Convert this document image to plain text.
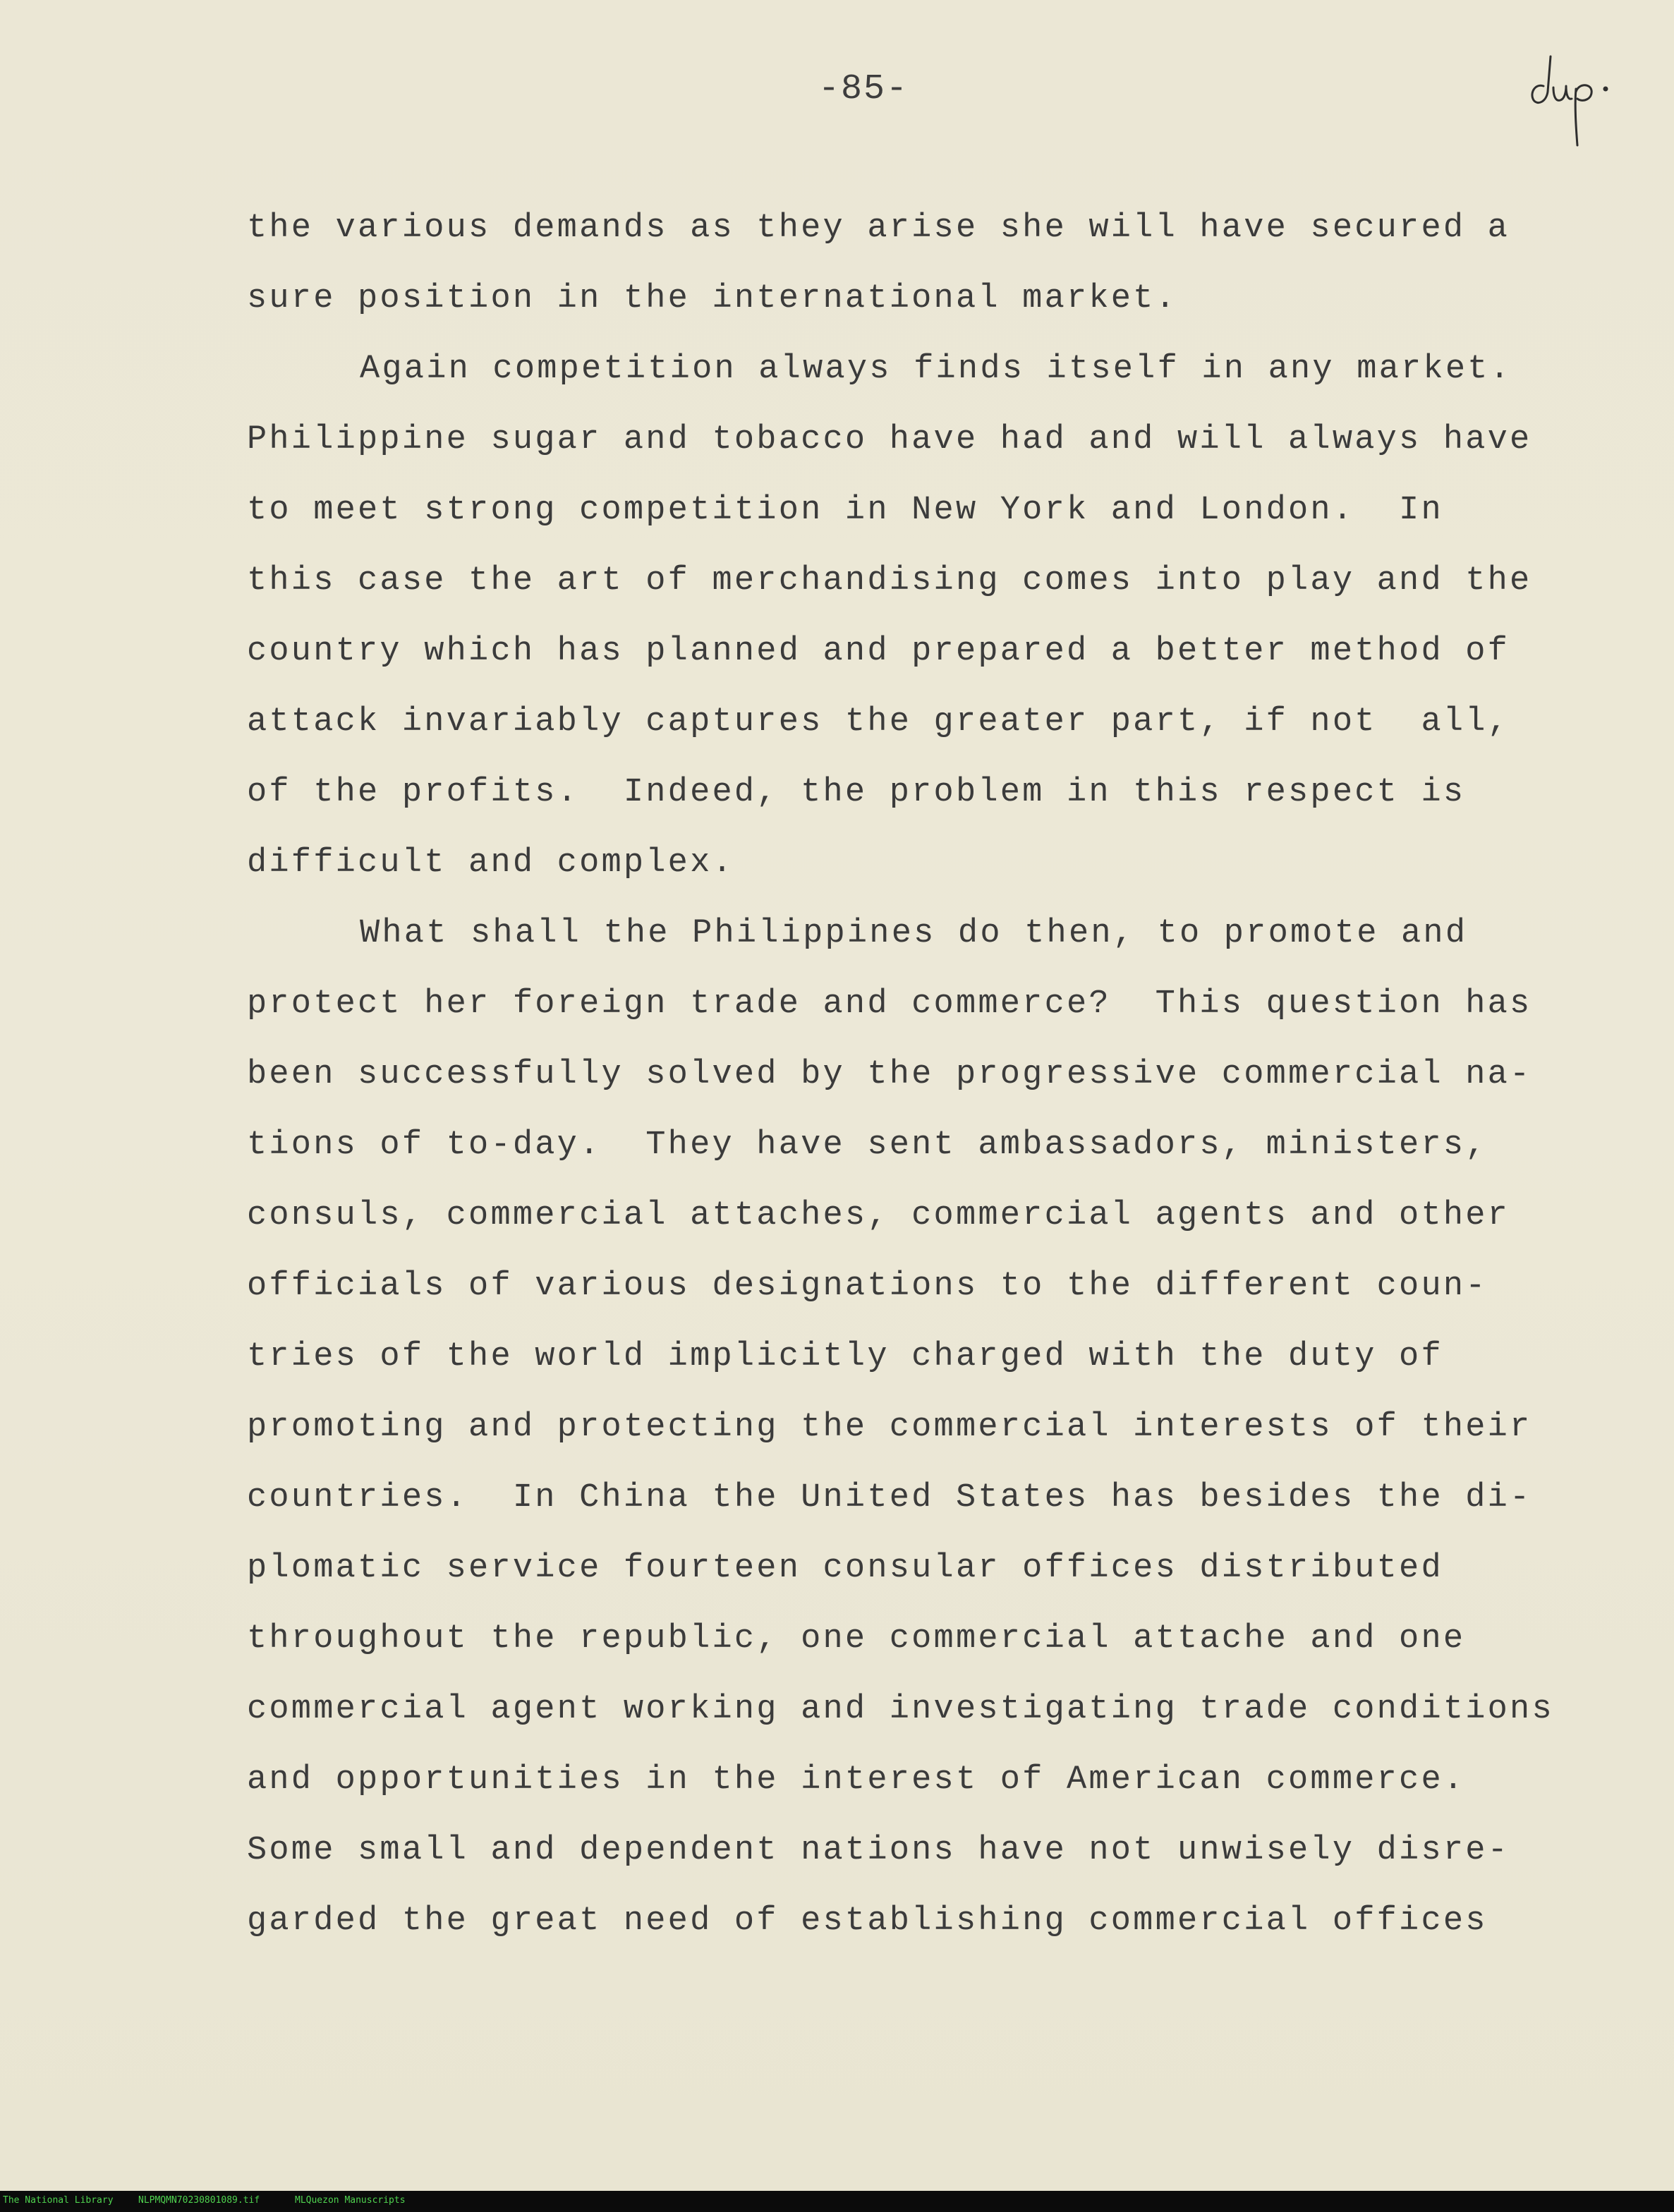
-85-
the various demands as they arise she will have secured a
sure position in the international market.
Again competition always finds itself in any market.
Philippine sugar and tobacco have had and will always have
to meet strong competition in New York and London.  In
this case the art of merchandising comes into play and the
country which has planned and prepared a better method of
attack invariably captures the greater part, if not  all,
of the profits.  Indeed, the problem in this respect is
difficult and complex.
What shall the Philippines do then, to promote and
protect her foreign trade and commerce?  This question has
been successfully solved by the progressive commercial na-
tions of to-day.  They have sent ambassadors, ministers,
consuls, commercial attaches, commercial agents and other
officials of various designations to the different coun-
tries of the world implicitly charged with the duty of
promoting and protecting the commercial interests of their
countries.  In China the United States has besides the di-
plomatic service fourteen consular offices distributed
throughout the republic, one commercial attache and one
commercial agent working and investigating trade conditions
and opportunities in the interest of American commerce.
Some small and dependent nations have not unwisely disre-
garded the great need of establishing commercial offices
The National Library	NLPMQMN70230801089.tif	MLQuezon Manuscripts
